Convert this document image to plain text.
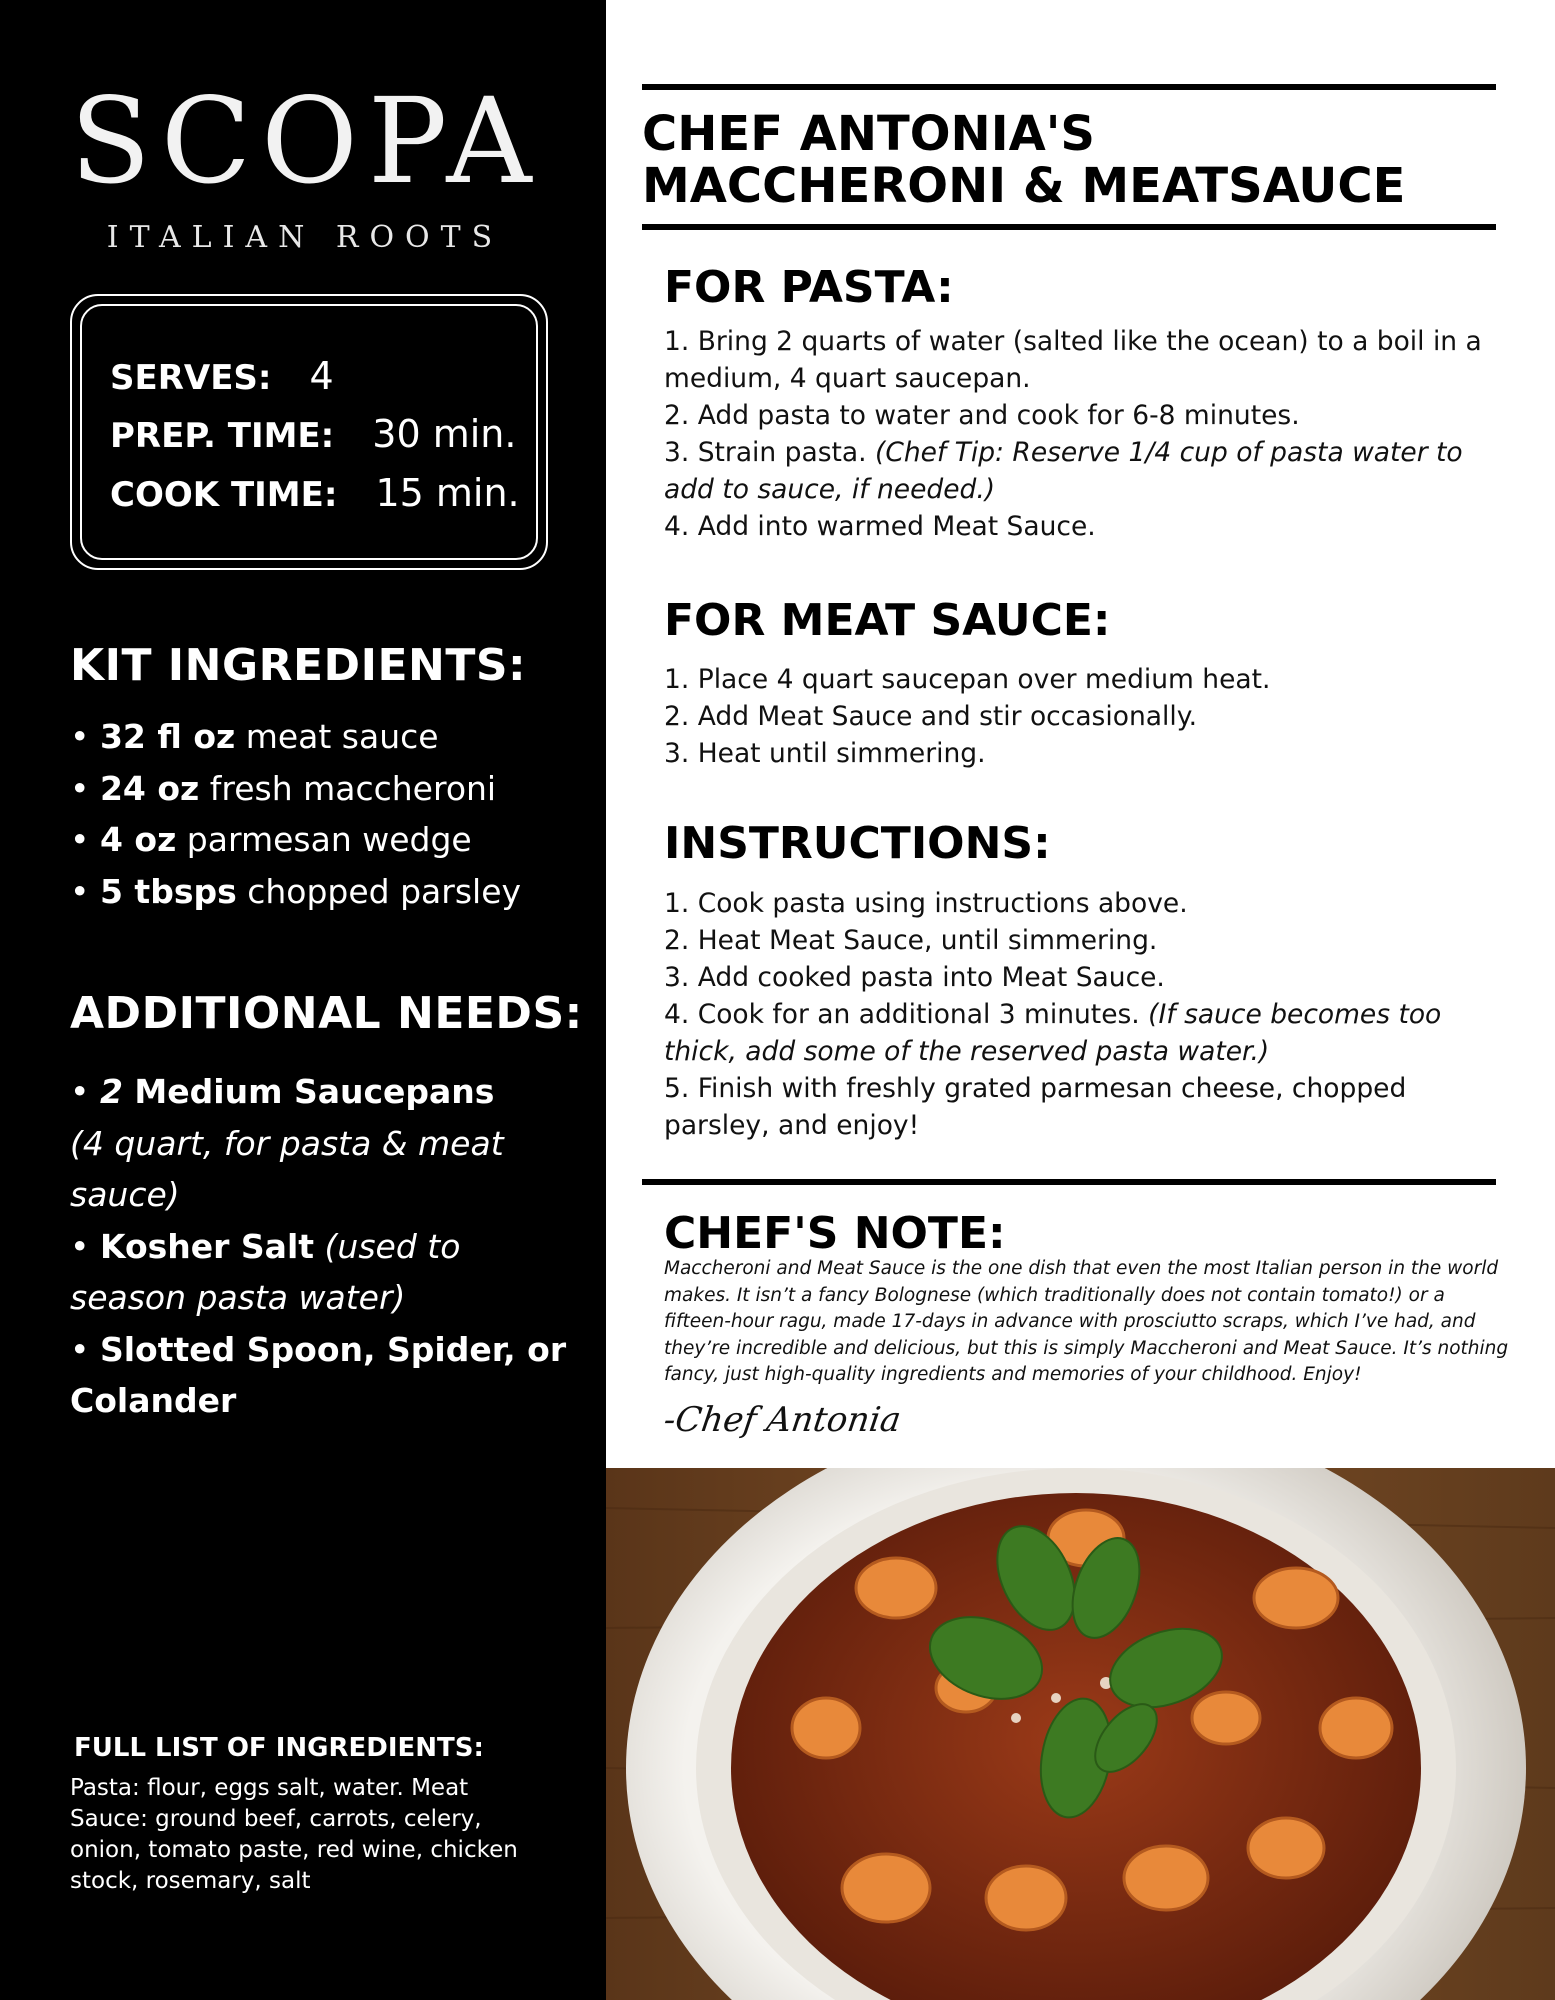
SCOPA
ITALIAN ROOTS
SERVES: 4
PREP. TIME: 30 min.
COOK TIME: 15 min.
KIT INGREDIENTS:
• 32 fl oz meat sauce
• 24 oz fresh maccheroni
• 4 oz parmesan wedge
• 5 tbsps chopped parsley
ADDITIONAL NEEDS:
• 2 Medium Saucepans
(4 quart, for pasta & meat sauce)
• Kosher Salt (used to season pasta water)
• Slotted Spoon, Spider, or Colander
FULL LIST OF INGREDIENTS:
Pasta: flour, eggs salt, water. Meat Sauce: ground beef, carrots, celery, onion, tomato paste, red wine, chicken stock, rosemary, salt
CHEF ANTONIA'S
MACCHERONI & MEATSAUCE
FOR PASTA:
1. Bring 2 quarts of water (salted like the ocean) to a boil in a medium, 4 quart saucepan.
2. Add pasta to water and cook for 6-8 minutes.
3. Strain pasta. (Chef Tip: Reserve 1/4 cup of pasta water to add to sauce, if needed.)
4. Add into warmed Meat Sauce.
FOR MEAT SAUCE:
1. Place 4 quart saucepan over medium heat.
2. Add Meat Sauce and stir occasionally.
3. Heat until simmering.
INSTRUCTIONS:
1. Cook pasta using instructions above.
2. Heat Meat Sauce, until simmering.
3. Add cooked pasta into Meat Sauce.
4. Cook for an additional 3 minutes. (If sauce becomes too thick, add some of the reserved pasta water.)
5. Finish with freshly grated parmesan cheese, chopped parsley, and enjoy!
CHEF'S NOTE:
Maccheroni and Meat Sauce is the one dish that even the most Italian person in the world makes. It isn’t a fancy Bolognese (which traditionally does not contain tomato!) or a fifteen-hour ragu, made 17-days in advance with prosciutto scraps, which I’ve had, and they’re incredible and delicious, but this is simply Maccheroni and Meat Sauce. It’s nothing fancy, just high-quality ingredients and memories of your childhood. Enjoy!
-Chef Antonia
